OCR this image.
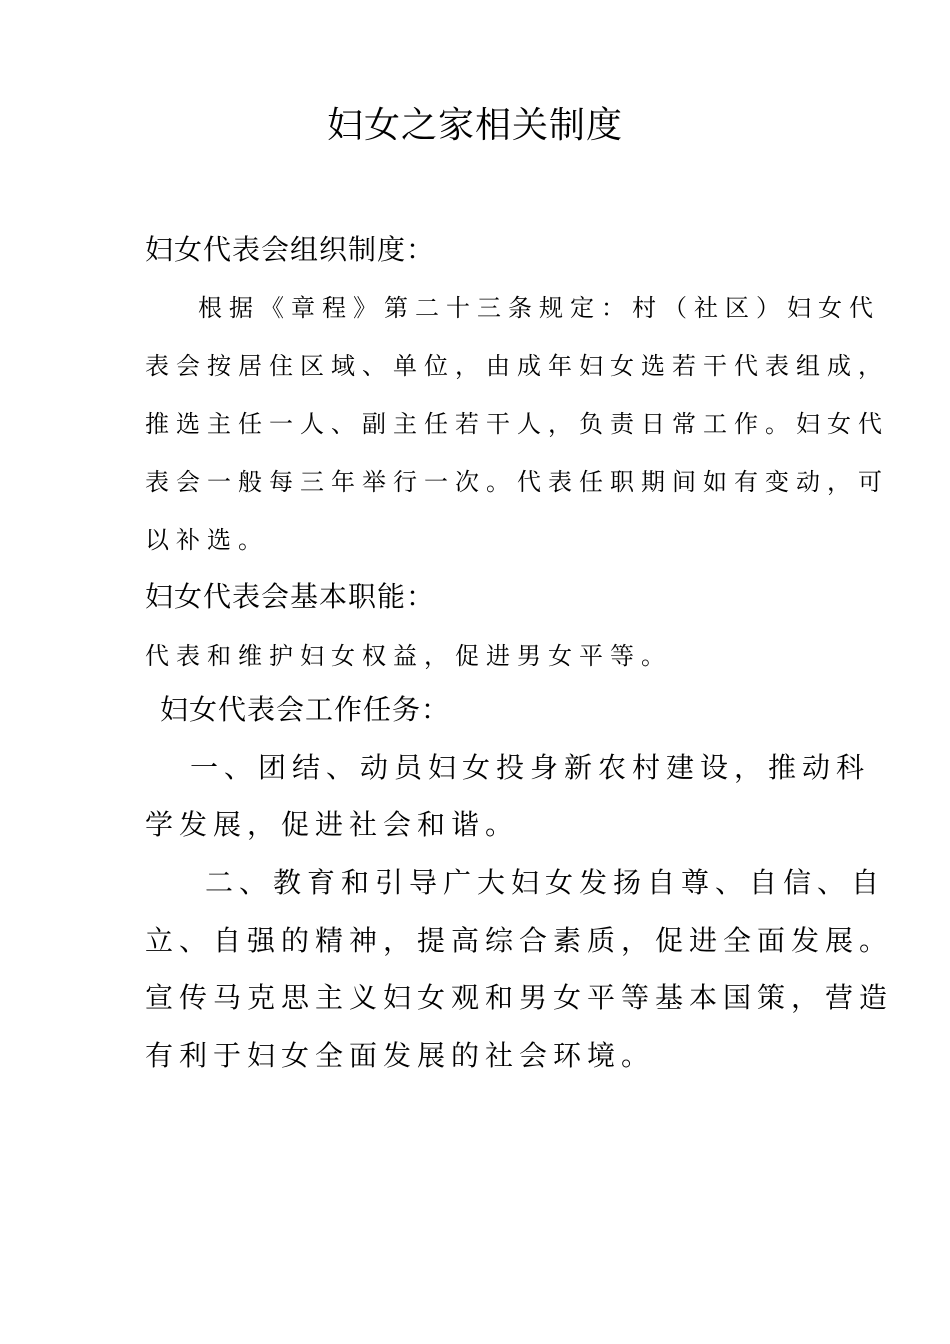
妇女之家相关制度
妇女代表会组织制度：
根据《章程》第二十三条规定：村（社区）妇女代
表会按居住区域、单位，由成年妇女选若干代表组成，
推选主任一人、副主任若干人，负责日常工作。妇女代
表会一般每三年举行一次。代表任职期间如有变动，可
以补选。
妇女代表会基本职能：
代表和维护妇女权益，促进男女平等。
妇女代表会工作任务：
一、团结、动员妇女投身新农村建设，推动科
学发展，促进社会和谐。
二、教育和引导广大妇女发扬自尊、自信、自
立、自强的精神，提高综合素质，促进全面发展。
宣传马克思主义妇女观和男女平等基本国策，营造
有利于妇女全面发展的社会环境。
